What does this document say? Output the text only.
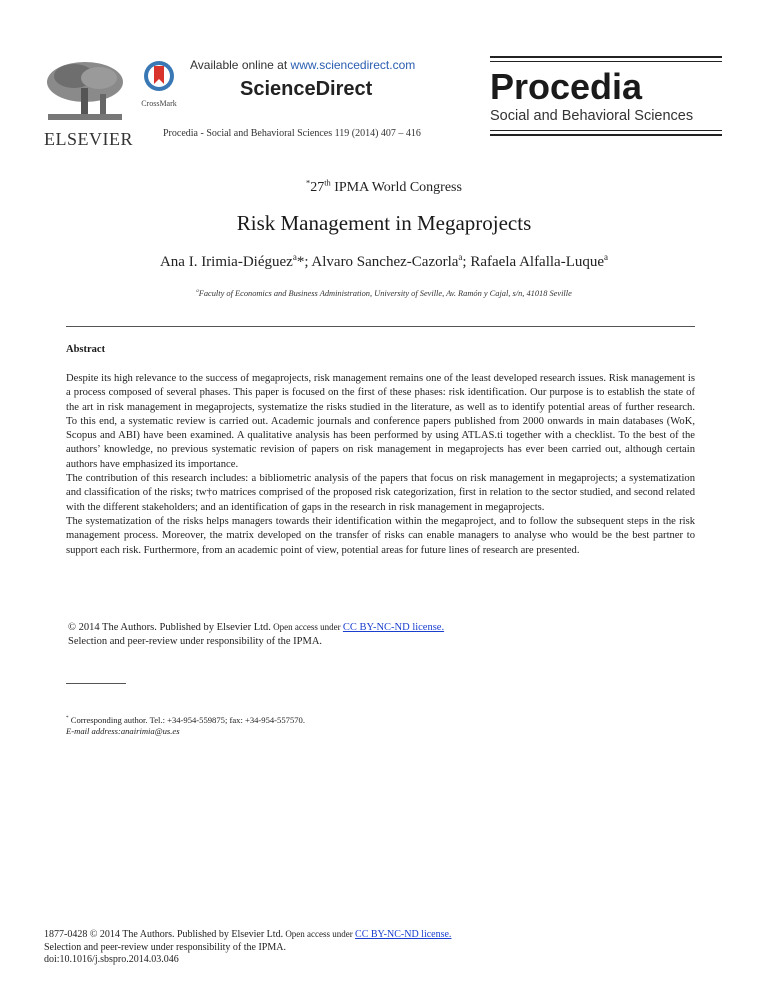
ELSEVIER
CrossMark
Available online at www.sciencedirect.com
ScienceDirect
Procedia - Social and Behavioral Sciences 119 (2014) 407 – 416
Procedia
Social and Behavioral Sciences
*27th IPMA World Congress
Risk Management in Megaprojects
Ana I. Irimia-Diéguez$^a$*; Alvaro Sanchez-Cazorla$^a$; Rafaela Alfalla-Luque$^a$
$^a$Faculty of Economics and Business Administration, University of Seville, Av. Ramón y Cajal, s/n, 41018 Seville
Abstract

Despite its high relevance to the success of megaprojects, risk management remains one of the least developed research issues. Risk management is a process composed of several phases. This paper is focused on the first of these phases: risk identification. Our purpose is to establish the state of the art in risk management in megaprojects, systematize the risks studied in the literature, as well as to identify potential areas of further research. To this end, a systematic review is carried out. Academic journals and conference papers published from 2000 onwards in main databases (WoK, Scopus and ABI) have been examined. A qualitative analysis has been performed by using ATLAS.ti together with a checklist. To the best of the authors’ knowledge, no previous systematic revision of papers on risk management in megaprojects has ever been carried out, although certain authors have emphasized its importance.

The contribution of this research includes: a bibliometric analysis of the papers that focus on risk management in megaprojects; a systematization and classification of the risks; tw†o matrices comprised of the proposed risk categorization, first in relation to the sector studied, and second related with the different stakeholders; and an identification of gaps in the research in risk management in megaprojects.

The systematization of the risks helps managers towards their identification within the megaproject, and to follow the subsequent steps in the risk management process. Moreover, the matrix developed on the transfer of risks can enable managers to analyse who would be the best partner to support each risk. Furthermore, from an academic point of view, potential areas for future lines of research are presented.

© 2014 The Authors. Published by Elsevier Ltd. Open access under CC BY-NC-ND license.
Selection and peer-review under responsibility of the IPMA.
* Corresponding author. Tel.: +34-954-559875; fax: +34-954-557570.
E-mail address:anairimia@us.es
1877-0428 © 2014 The Authors. Published by Elsevier Ltd. Open access under CC BY-NC-ND license.
Selection and peer-review under responsibility of the IPMA.
doi:10.1016/j.sbspro.2014.03.046
